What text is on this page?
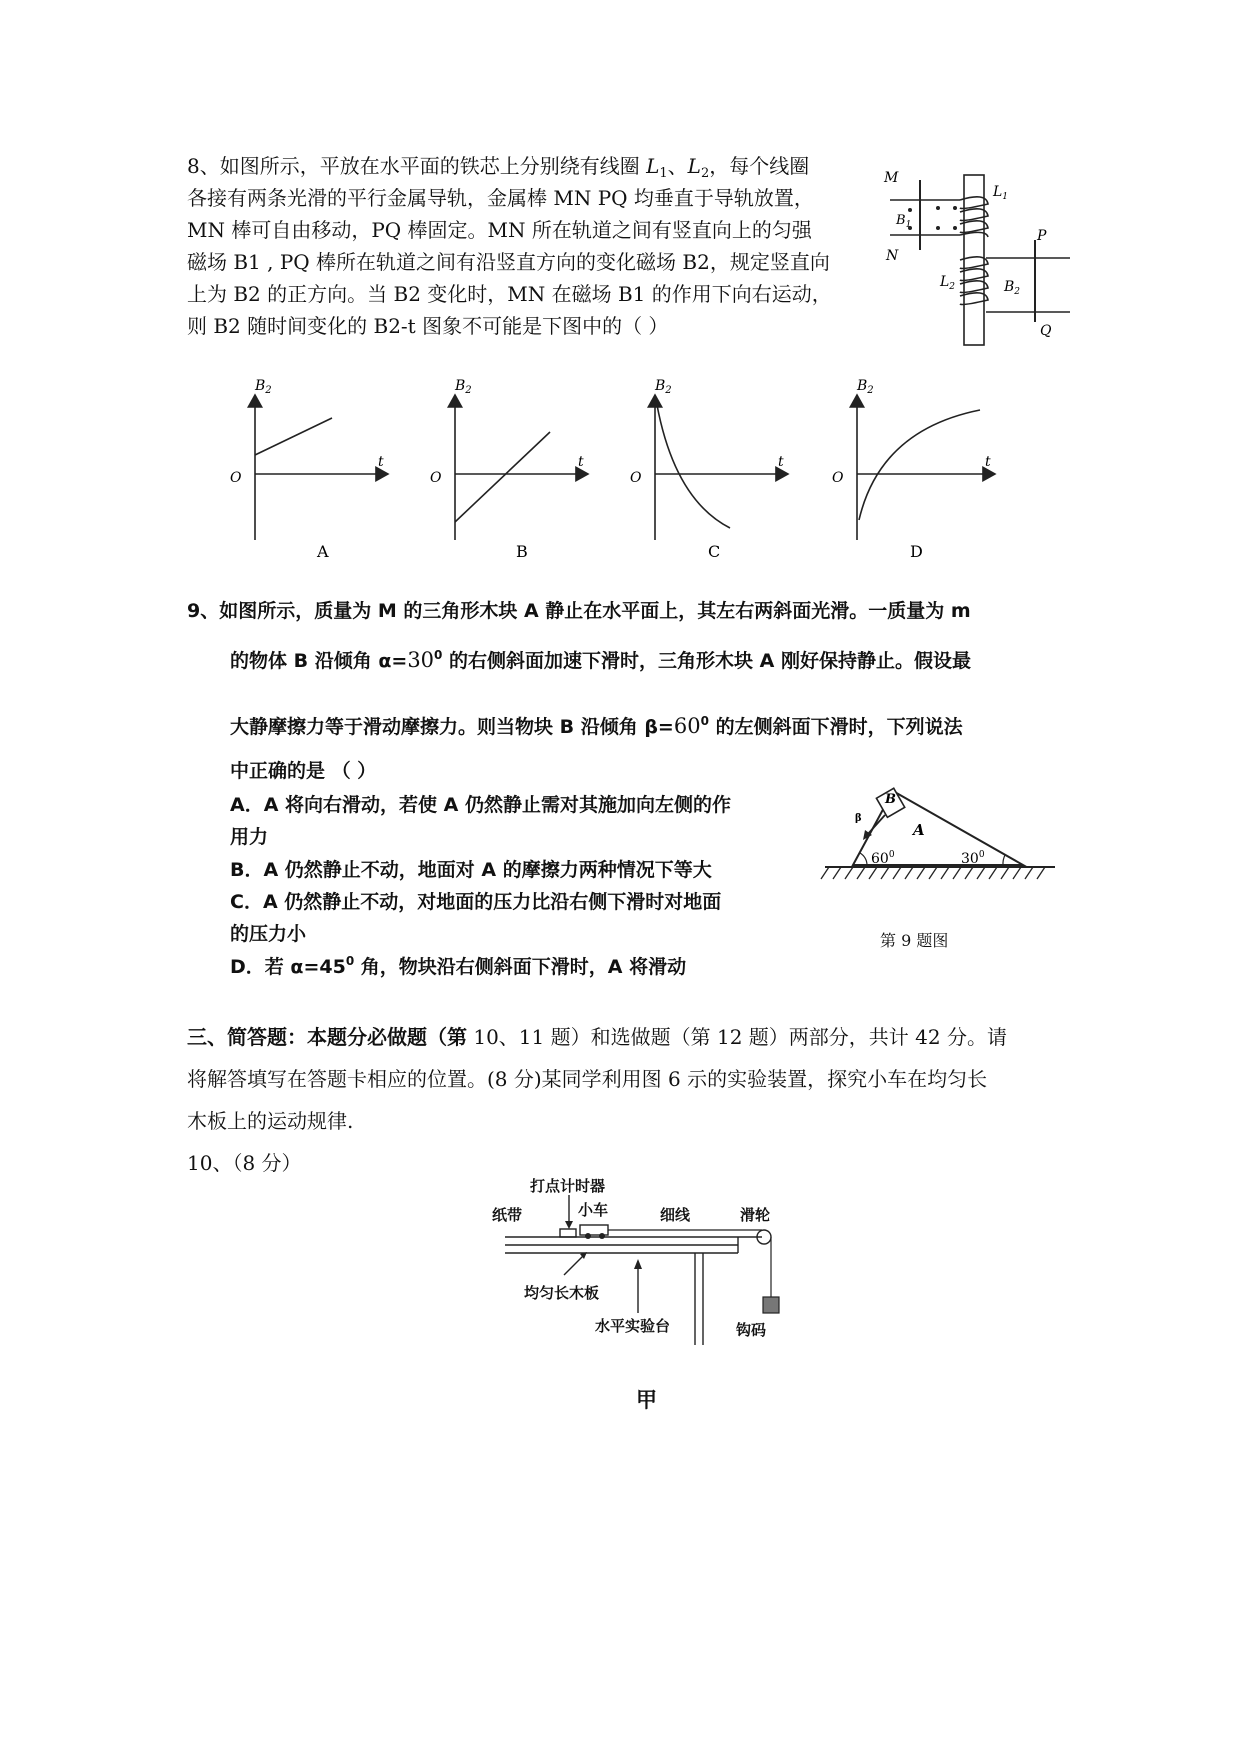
8、如图所示，平放在水平面的铁芯上分别绕有线圈 $L_1$、$L_2$，每个线圈
各接有两条光滑的平行金属导轨，金属棒 MN PQ 均垂直于导轨放置，
MN 棒可自由移动，PQ 棒固定。MN 所在轨道之间有竖直向上的匀强
磁场 B1 , PQ 棒所在轨道之间有沿竖直方向的变化磁场 B2，规定竖直向
上为 B2 的正方向。当 B2 变化时，MN 在磁场 B1 的作用下向右运动，
则 B2 随时间变化的 B2-t 图象不可能是下图中的（ ）
M
N
$B_1$
$L_1$
$L_2$	$B_2$
P
Q
$B_2$
t
O
A
$B_2$
t
O
B
$B_2$
t
O
C
$B_2$
t
O
D
9、如图所示，质量为 M 的三角形木块 A 静止在水平面上，其左右两斜面光滑。一质量为 m
的物体 B 沿倾角 $\alpha=30^0$ 的右侧斜面加速下滑时，三角形木块 A 刚好保持静止。假设最
大静摩擦力等于滑动摩擦力。则当物块 B 沿倾角 $\beta=60^0$ 的左侧斜面下滑时，下列说法
中正确的是 （ ）
A．A 将向右滑动，若使 A 仍然静止需对其施加向左侧的作
用力
B．A 仍然静止不动，地面对 A 的摩擦力两种情况下等大
C．A 仍然静止不动，对地面的压力比沿右侧下滑时对地面
的压力小
D．若 $\alpha=45^0$ 角，物块沿右侧斜面下滑时，A 将滑动
B
β
A
$60^0$	$30^0$
第 9 题图
三、简答题：本题分必做题（第 10、11 题）和选做题（第 12 题）两部分，共计 42 分。请
将解答填写在答题卡相应的位置。(8 分)某同学利用图 6 示的实验装置，探究小车在均匀长
木板上的运动规律.
10、（8 分）
打点计时器
纸带	小车	细线	滑轮
均匀长木板
水平实验台	钩码
甲
